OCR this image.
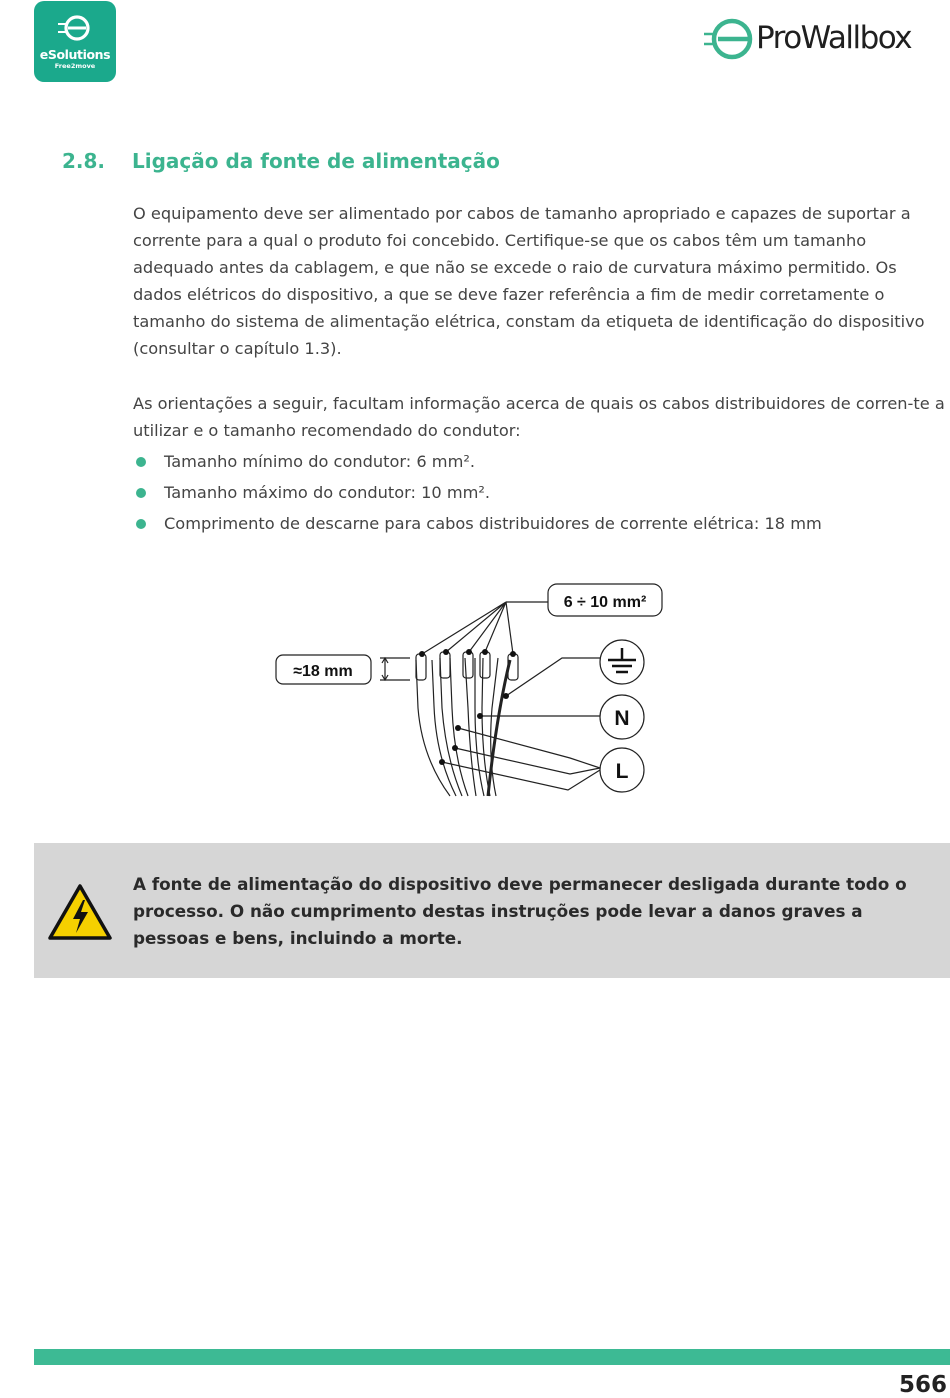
eSolutions
Free2move
ProWallbox
2.8. Ligação da fonte de alimentação
O equipamento deve ser alimentado por cabos de tamanho apropriado e capazes de suportar a corrente para a qual o produto foi concebido. Certifique-se que os cabos têm um tamanho adequado antes da cablagem, e que não se excede o raio de curvatura máximo permitido. Os dados elétricos do dispositivo, a que se deve fazer referência a fim de medir corretamente o tamanho do sistema de alimentação elétrica, constam da etiqueta de identificação do dispositivo (consultar o capítulo 1.3).
As orientações a seguir, facultam informação acerca de quais os cabos distribuidores de corren-te a utilizar e o tamanho recomendado do condutor:
Tamanho mínimo do condutor: 6 mm².
Tamanho máximo do condutor: 10 mm².
Comprimento de descarne para cabos distribuidores de corrente elétrica: 18 mm
6 ÷ 10 mm²
≈18 mm
N
L
A fonte de alimentação do dispositivo deve permanecer desligada durante todo o processo. O não cumprimento destas instruções pode levar a danos graves a pessoas e bens, incluindo a morte.
566
